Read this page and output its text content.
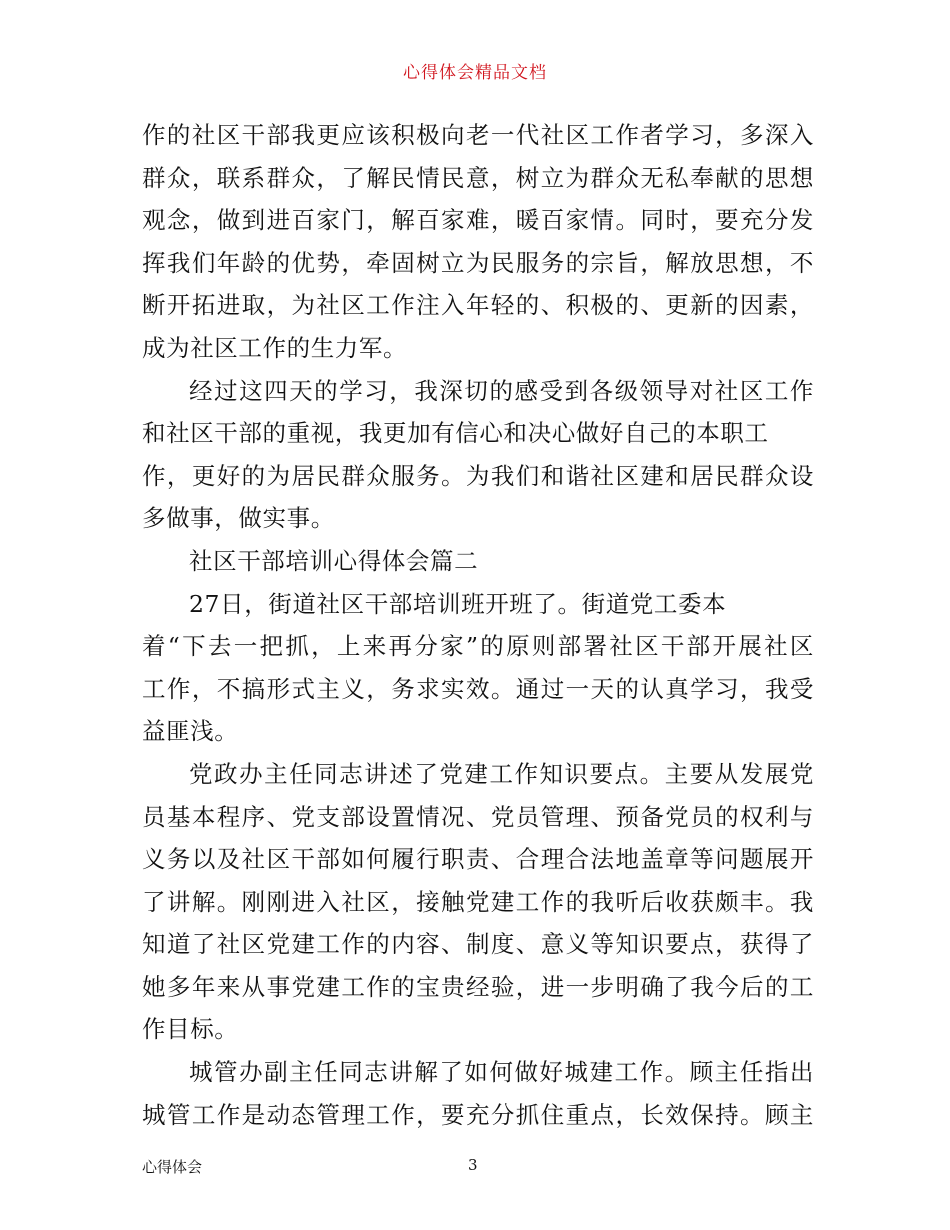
心得体会精品文档
作的社区干部我更应该积极向老一代社区工作者学习，多深入
群众，联系群众，了解民情民意，树立为群众无私奉献的思想
观念，做到进百家门，解百家难，暖百家情。同时，要充分发
挥我们年龄的优势，牵固树立为民服务的宗旨，解放思想，不
断开拓进取，为社区工作注入年轻的、积极的、更新的因素，
成为社区工作的生力军。
经过这四天的学习，我深切的感受到各级领导对社区工作
和社区干部的重视，我更加有信心和决心做好自己的本职工
作，更好的为居民群众服务。为我们和谐社区建和居民群众设
多做事，做实事。
社区干部培训心得体会篇二
27日，街道社区干部培训班开班了。街道党工委本
着“下去一把抓，上来再分家”的原则部署社区干部开展社区
工作，不搞形式主义，务求实效。通过一天的认真学习，我受
益匪浅。
党政办主任同志讲述了党建工作知识要点。主要从发展党
员基本程序、党支部设置情况、党员管理、预备党员的权利与
义务以及社区干部如何履行职责、合理合法地盖章等问题展开
了讲解。刚刚进入社区，接触党建工作的我听后收获颇丰。我
知道了社区党建工作的内容、制度、意义等知识要点，获得了
她多年来从事党建工作的宝贵经验，进一步明确了我今后的工
作目标。
城管办副主任同志讲解了如何做好城建工作。顾主任指出
城管工作是动态管理工作，要充分抓住重点，长效保持。顾主
心得体会	3
